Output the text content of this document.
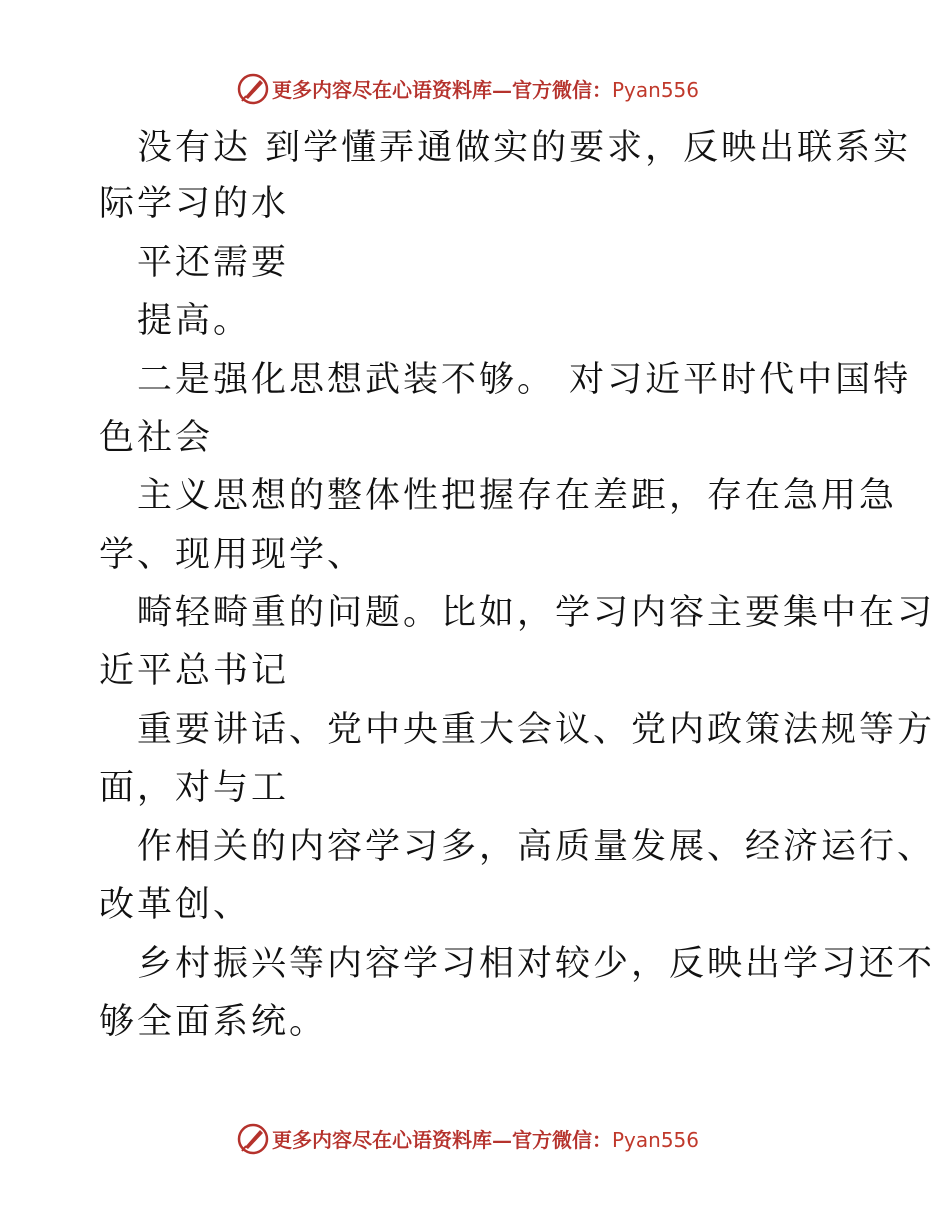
更多内容尽在心语资料库—官方微信：Pyan556
没有达 到学懂弄通做实的要求，反映出联系实
际学习的水
平还需要
提高。
二是强化思想武装不够。 对习近平时代中国特
色社会
主义思想的整体性把握存在差距，存在急用急
学、现用现学、
畸轻畸重的问题。比如，学习内容主要集中在习
近平总书记
重要讲话、党中央重大会议、党内政策法规等方
面，对与工
作相关的内容学习多，高质量发展、经济运行、
改革创、
乡村振兴等内容学习相对较少，反映出学习还不
够全面系统。
更多内容尽在心语资料库—官方微信：Pyan556
